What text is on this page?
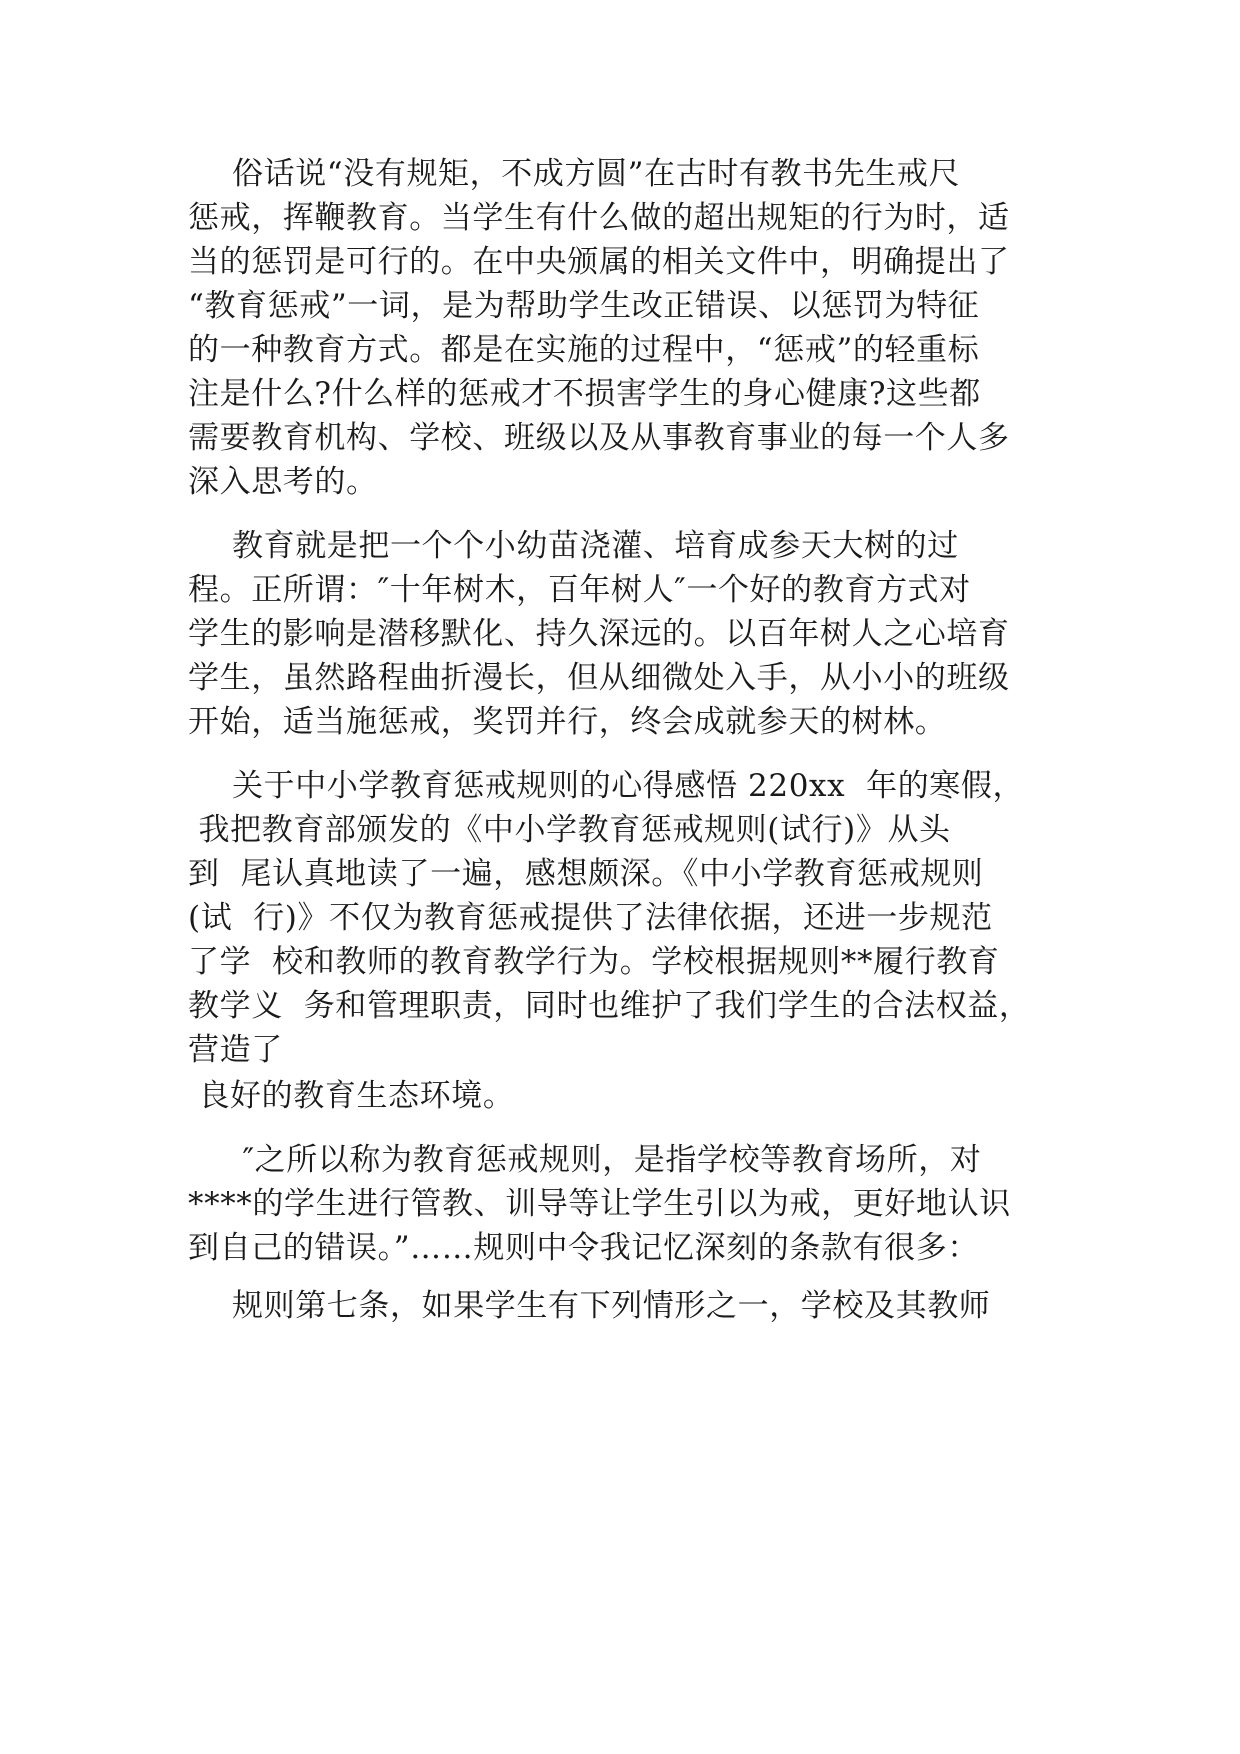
俗话说“没有规矩，不成方圆”在古时有教书先生戒尺

惩戒，挥鞭教育。当学生有什么做的超出规矩的行为时，适

当的惩罚是可行的。在中央颁属的相关文件中，明确提出了

“教育惩戒”一词，是为帮助学生改正错误、以惩罚为特征

的一种教育方式。都是在实施的过程中，“惩戒”的轻重标

注是什么?什么样的惩戒才不损害学生的身心健康?这些都

需要教育机构、学校、班级以及从事教育事业的每一个人多

深入思考的。

教育就是把一个个小幼苗浇灌、培育成参天大树的过

程。正所谓：″十年树木，百年树人″一个好的教育方式对

学生的影响是潜移默化、持久深远的。以百年树人之心培育

学生，虽然路程曲折漫长，但从细微处入手，从小小的班级

开始，适当施惩戒，奖罚并行，终会成就参天的树林。

关于中小学教育惩戒规则的心得感悟 220xx  年的寒假，

我把教育部颁发的《中小学教育惩戒规则(试行)》从头

到  尾认真地读了一遍，感想颇深。《中小学教育惩戒规则

(试  行)》不仅为教育惩戒提供了法律依据，还进一步规范

了学  校和教师的教育教学行为。学校根据规则**履行教育

教学义  务和管理职责，同时也维护了我们学生的合法权益，

营造了

良好的教育生态环境。

″之所以称为教育惩戒规则，是指学校等教育场所，对

****的学生进行管教、训导等让学生引以为戒，更好地认识

到自己的错误。”……规则中令我记忆深刻的条款有很多：

规则第七条，如果学生有下列情形之一，学校及其教师
